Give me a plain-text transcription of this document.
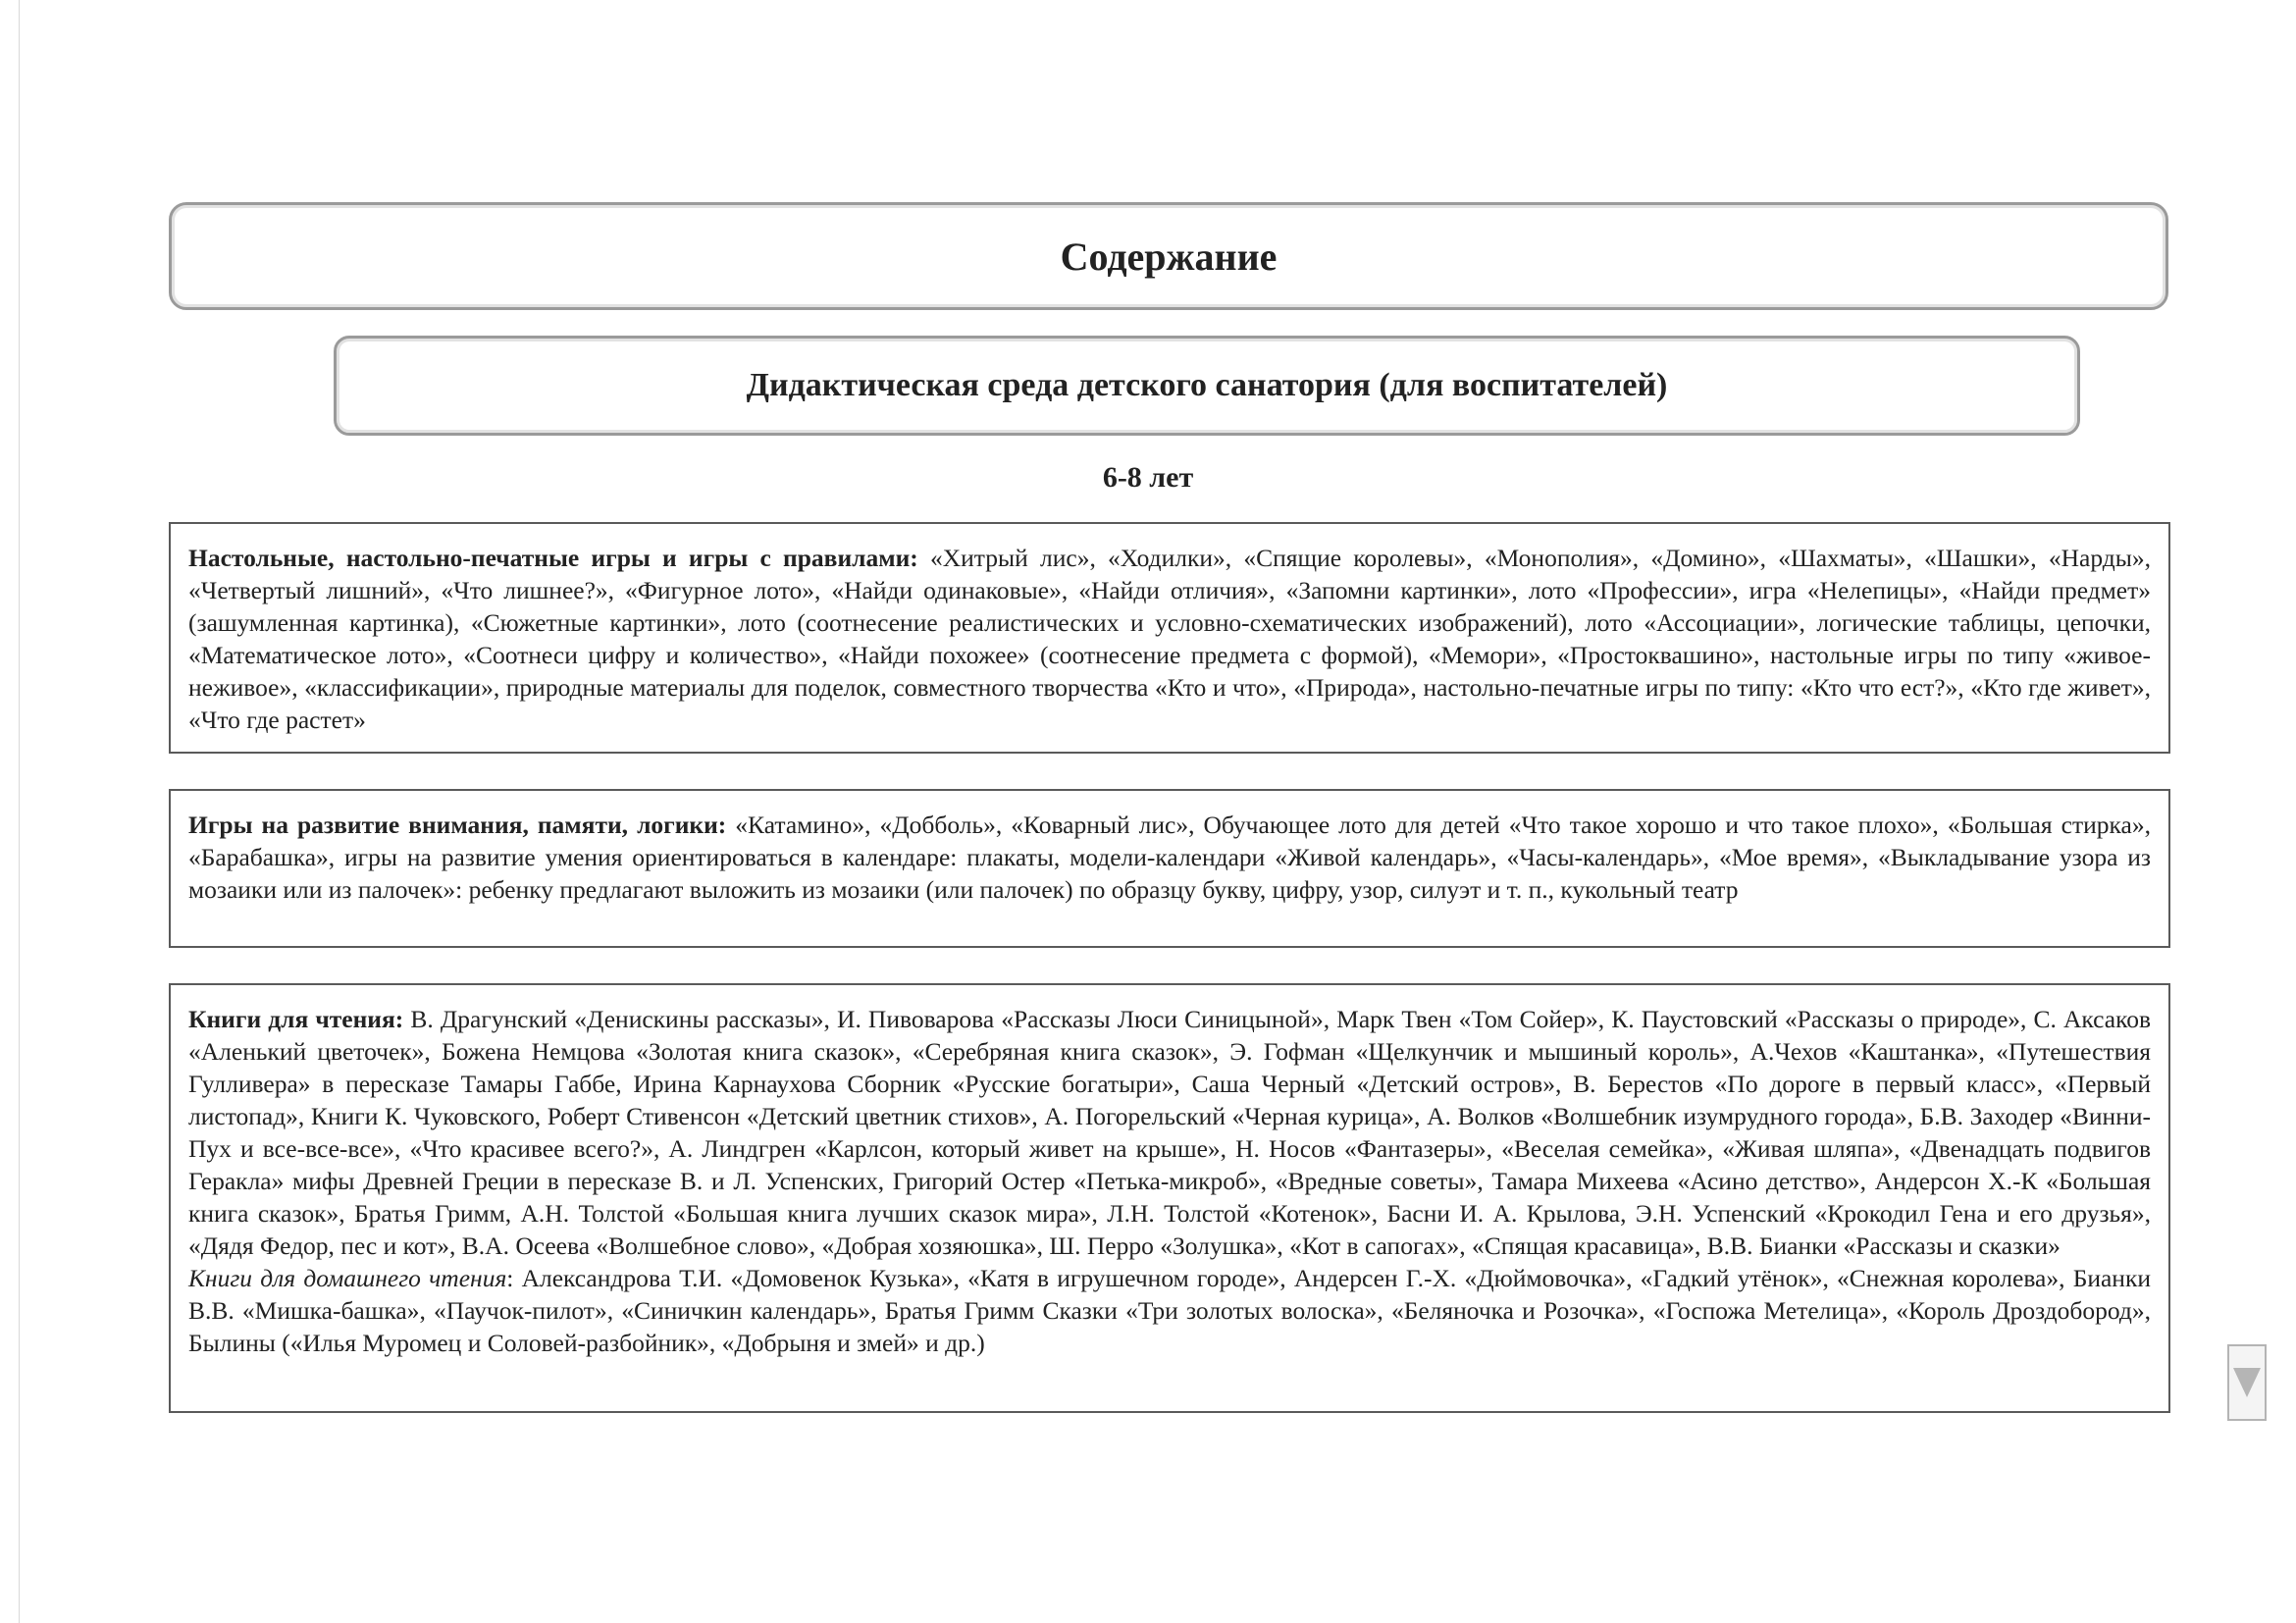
Содержание
Дидактическая среда детского санатория (для воспитателей)
6-8 лет
Настольные, настольно-печатные игры и игры с правилами: «Хитрый лис», «Ходилки», «Спящие королевы», «Монополия», «Домино», «Шахматы», «Шашки», «Нарды», «Четвертый лишний», «Что лишнее?», «Фигурное лото», «Найди одинаковые», «Найди отличия», «Запомни картинки», лото «Профессии», игра «Нелепицы», «Найди предмет» (зашумленная картинка), «Сюжетные картинки», лото (соотнесение реалистических и условно-схематических изображений), лото «Ассоциации», логические таблицы, цепочки, «Математическое лото», «Соотнеси цифру и количество», «Найди похожее» (соотнесение предмета с формой), «Мемори», «Простоквашино», настольные игры по типу «живое-неживое», «классификации», природные материалы для поделок, совместного творчества «Кто и что», «Природа», настольно-печатные игры по типу: «Кто что ест?», «Кто где живет», «Что где растет»
Игры на развитие внимания, памяти, логики: «Катамино», «Добболь», «Коварный лис», Обучающее лото для детей «Что такое хорошо и что такое плохо», «Большая стирка», «Барабашка», игры на развитие умения ориентироваться в календаре: плакаты, модели-календари «Живой календарь», «Часы-календарь», «Мое время», «Выкладывание узора из мозаики или из палочек»: ребенку предлагают выложить из мозаики (или палочек) по образцу букву, цифру, узор, силуэт и т. п., кукольный театр
Книги для чтения: В. Драгунский «Денискины рассказы», И. Пивоварова «Рассказы Люси Синицыной», Марк Твен «Том Сойер», К. Паустовский «Рассказы о природе», С. Аксаков «Аленький цветочек», Божена Немцова «Золотая книга сказок», «Серебряная книга сказок», Э. Гофман «Щелкунчик и мышиный король», А.Чехов «Каштанка», «Путешествия Гулливера» в пересказе Тамары Габбе, Ирина Карнаухова Сборник «Русские богатыри», Саша Черный «Детский остров», В. Берестов «По дороге в первый класс», «Первый листопад», Книги К. Чуковского, Роберт Стивенсон «Детский цветник стихов», А. Погорельский «Черная курица», А. Волков «Волшебник изумрудного города», Б.В. Заходер «Винни-Пух и все-все-все», «Что красивее всего?», А. Линдгрен «Карлсон, который живет на крыше», Н. Носов «Фантазеры», «Веселая семейка», «Живая шляпа», «Двенадцать подвигов Геракла» мифы Древней Греции в пересказе В. и Л. Успенских, Григорий Остер «Петька-микроб», «Вредные советы», Тамара Михеева «Асино детство», Андерсон Х.-К «Большая книга сказок», Братья Гримм, А.Н. Толстой «Большая книга лучших сказок мира», Л.Н. Толстой «Котенок», Басни И. А. Крылова, Э.Н. Успенский «Крокодил Гена и его друзья», «Дядя Федор, пес и кот», В.А. Осеева «Волшебное слово», «Добрая хозяюшка», Ш. Перро «Золушка», «Кот в сапогах», «Спящая красавица», В.В. Бианки «Рассказы и сказки»
Книги для домашнего чтения: Александрова Т.И. «Домовенок Кузька», «Катя в игрушечном городе», Андерсен Г.-Х. «Дюймовочка», «Гадкий утёнок», «Снежная королева», Бианки В.В. «Мишка-башка», «Паучок-пилот», «Синичкин календарь», Братья Гримм Сказки «Три золотых волоска», «Беляночка и Розочка», «Госпожа Метелица», «Король Дроздобород», Былины («Илья Муромец и Соловей-разбойник», «Добрыня и змей» и др.)
